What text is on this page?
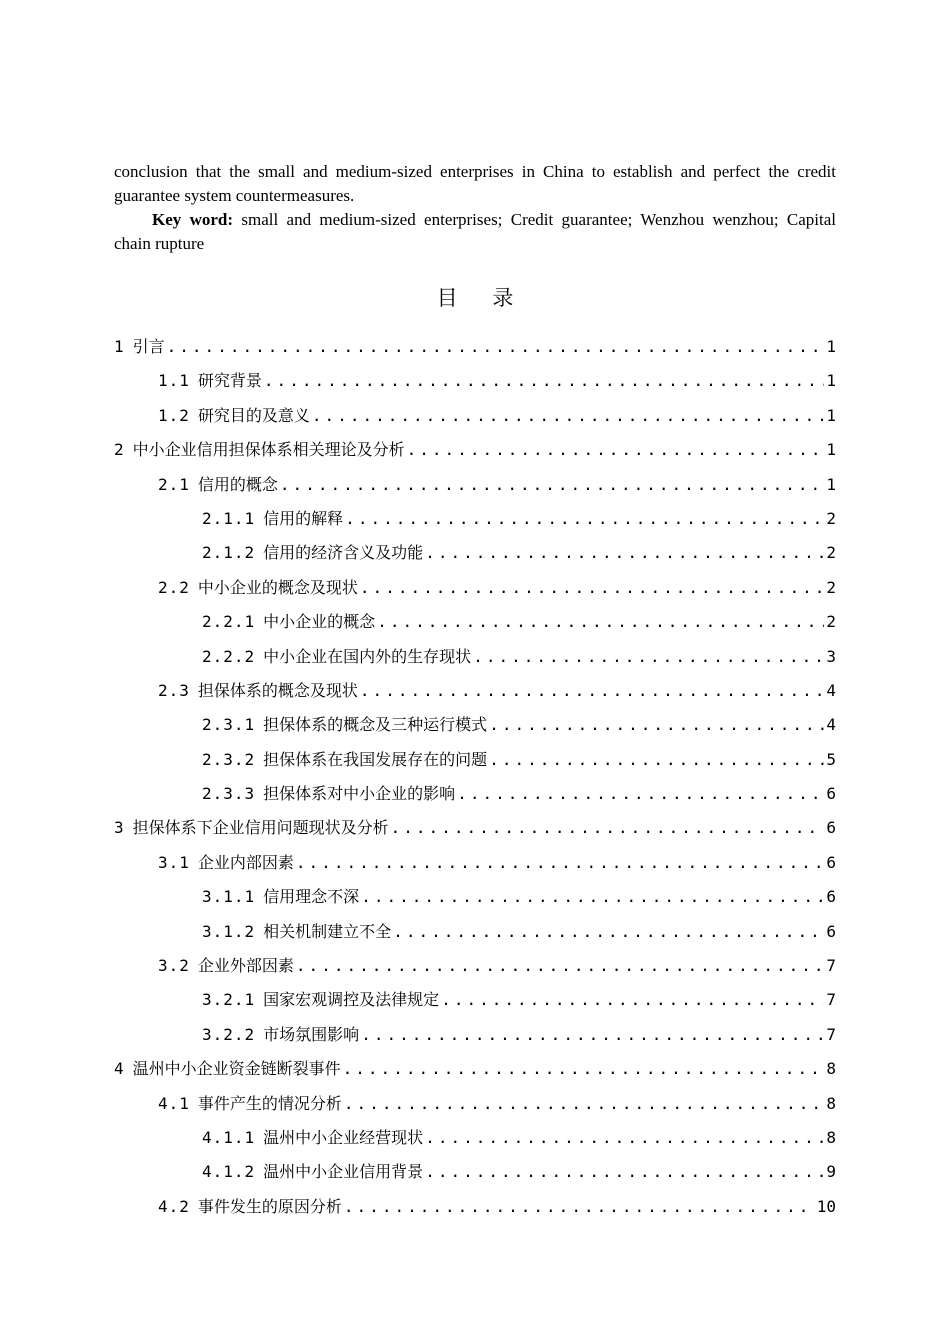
conclusion that the small and medium-sized enterprises in China to establish and perfect the credit guarantee system countermeasures.

Key word: small and medium-sized enterprises; Credit guarantee; Wenzhou wenzhou; Capital chain rupture

目 录
1 引言 .....	1
1.1 研究背景 .....	1
1.2 研究目的及意义 .....	1
2 中小企业信用担保体系相关理论及分析 .....	1
2.1 信用的概念 .....	1
2.1.1 信用的解释 .....	2
2.1.2 信用的经济含义及功能 .....	2
2.2 中小企业的概念及现状 .....	2
2.2.1 中小企业的概念 .....	2
2.2.2 中小企业在国内外的生存现状 .....	3
2.3 担保体系的概念及现状 .....	4
2.3.1 担保体系的概念及三种运行模式 .....	4
2.3.2 担保体系在我国发展存在的问题 .....	5
2.3.3 担保体系对中小企业的影响 .....	6
3 担保体系下企业信用问题现状及分析 .....	6
3.1 企业内部因素 .....	6
3.1.1 信用理念不深 .....	6
3.1.2 相关机制建立不全 .....	6
3.2 企业外部因素 .....	7
3.2.1 国家宏观调控及法律规定 .....	7
3.2.2 市场氛围影响 .....	7
4 温州中小企业资金链断裂事件 .....	8
4.1 事件产生的情况分析 .....	8
4.1.1 温州中小企业经营现状 .....	8
4.1.2 温州中小企业信用背景 .....	9
4.2 事件发生的原因分析 .....	10
